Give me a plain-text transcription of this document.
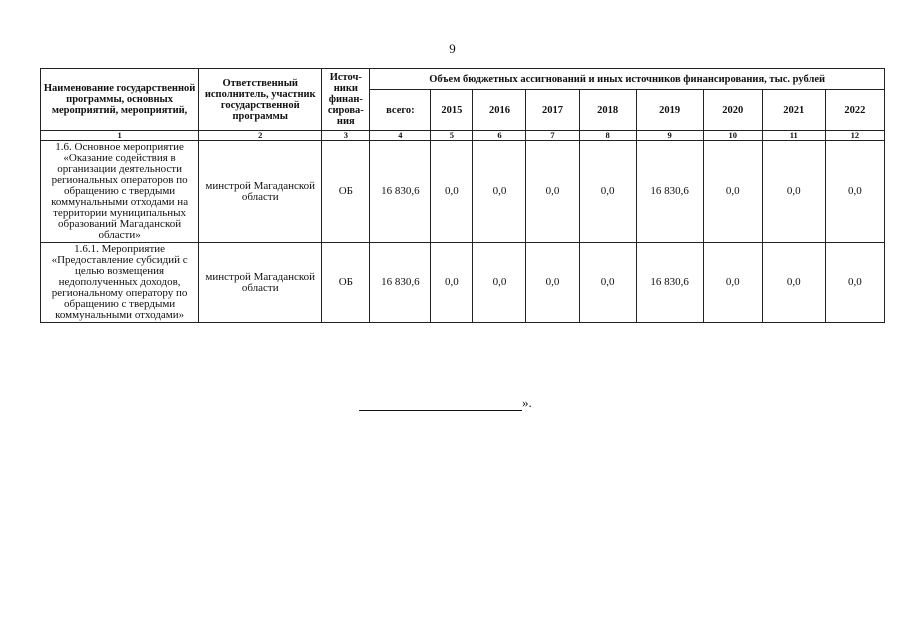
9
Наименование государственной программы, основных мероприятий, мероприятий,	Ответственный исполнитель, участник государственной программы	Источ-ники финан-сирова-ния	Объем бюджетных ассигнований и иных источников финансирования, тыс. рублей								
			всего:	2015	2016	2017	2018	2019	2020	2021	2022
1	2	3	4	5	6	7	8	9	10	11	12
1.6. Основное мероприятие «Оказание содействия в организации деятельности региональных операторов по обращению с твердыми коммунальными отходами на территории муниципальных образований Магаданской области»	минстрой Магаданской области	ОБ	16 830,6	0,0	0,0	0,0	0,0	16 830,6	0,0	0,0	0,0
1.6.1. Мероприятие «Предоставление субсидий с целью возмещения недополученных доходов, региональному оператору по обращению с твердыми коммунальными отходами»	минстрой Магаданской области	ОБ	16 830,6	0,0	0,0	0,0	0,0	16 830,6	0,0	0,0	0,0
».
